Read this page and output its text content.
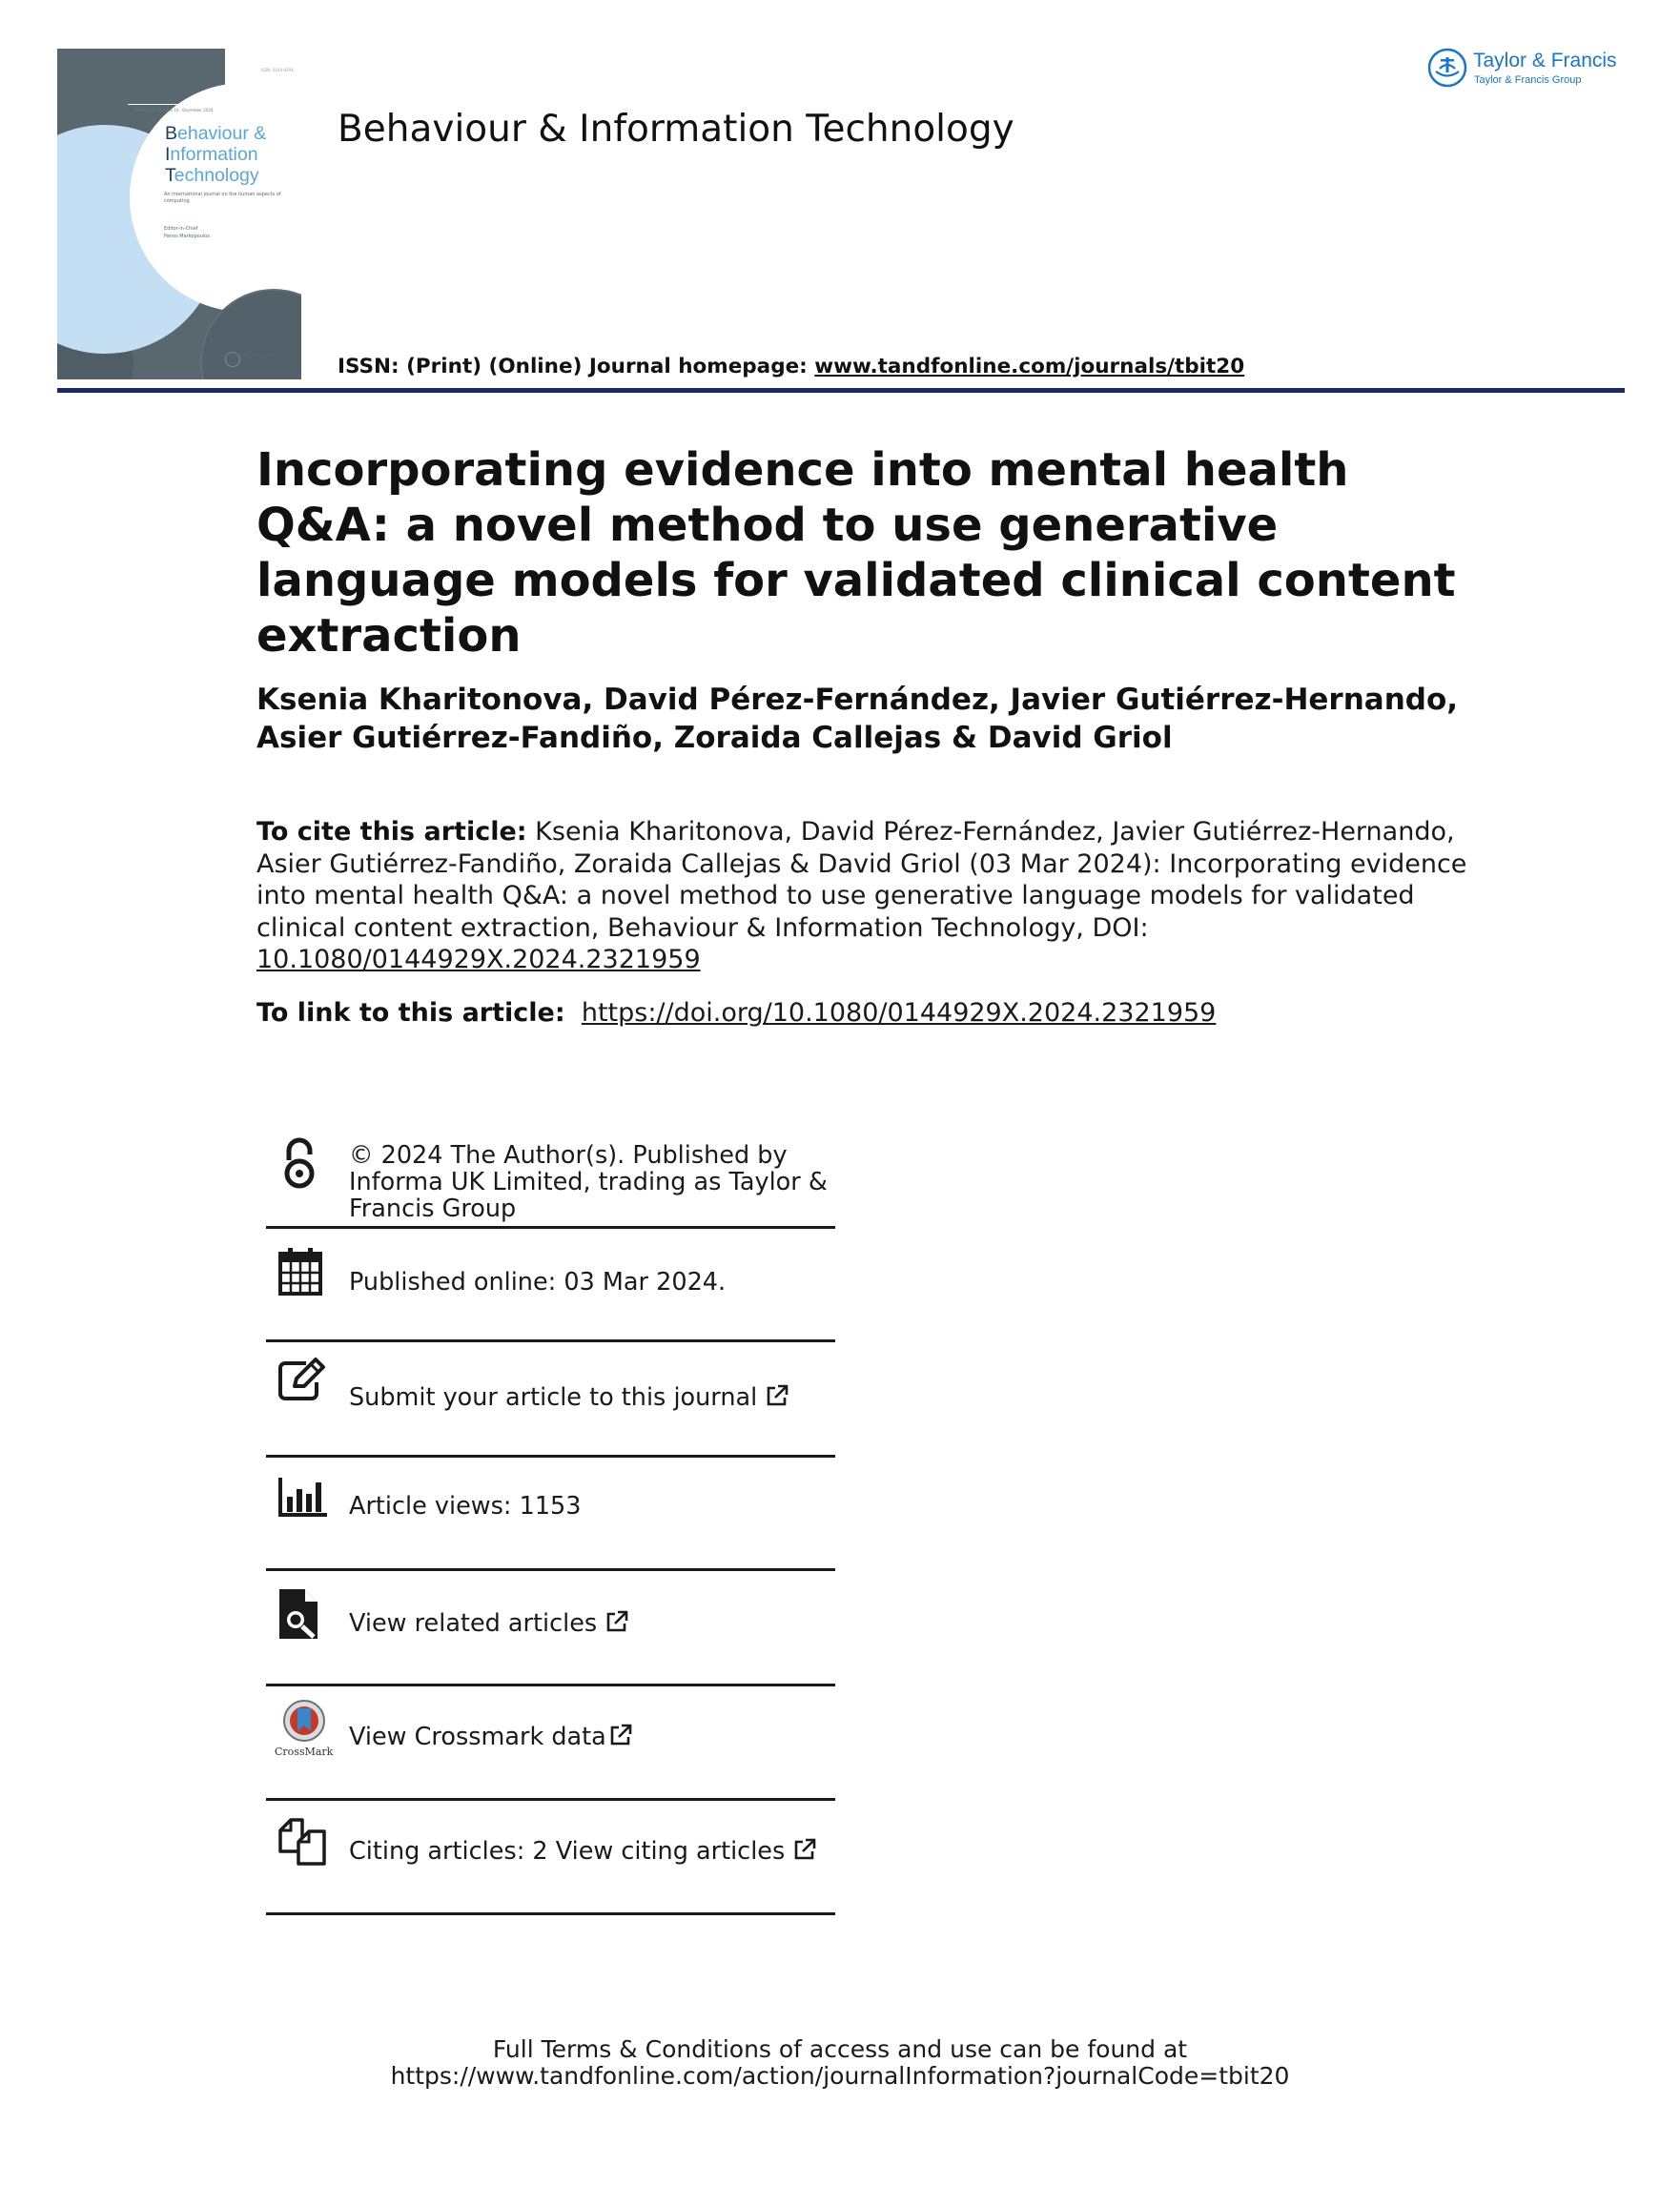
ISSN: 0144-929X
Volume 43 · Number 16 · December 2024
Behaviour &
Information
Technology
An international journal on the human aspects of computing
Editor-in-Chief
Panos Markopoulos
Taylor & Francis
Behaviour & Information Technology
ISSN: (Print) (Online) Journal homepage: www.tandfonline.com/journals/tbit20
Taylor & Francis
Taylor & Francis Group
Incorporating evidence into mental health Q&A: a novel method to use generative language models for validated clinical content extraction
Ksenia Kharitonova, David Pérez-Fernández, Javier Gutiérrez-Hernando, Asier Gutiérrez-Fandiño, Zoraida Callejas & David Griol
To cite this article: Ksenia Kharitonova, David Pérez-Fernández, Javier Gutiérrez-Hernando, Asier Gutiérrez-Fandiño, Zoraida Callejas & David Griol (03 Mar 2024): Incorporating evidence into mental health Q&A: a novel method to use generative language models for validated clinical content extraction, Behaviour & Information Technology, DOI: 10.1080/0144929X.2024.2321959
To link to this article: https://doi.org/10.1080/0144929X.2024.2321959
© 2024 The Author(s). Published by Informa UK Limited, trading as Taylor & Francis Group
Published online: 03 Mar 2024.
Submit your article to this journal
Article views: 1153
View related articles
CrossMark
View Crossmark data
Citing articles: 2 View citing articles
Full Terms & Conditions of access and use can be found at
https://www.tandfonline.com/action/journalInformation?journalCode=tbit20
